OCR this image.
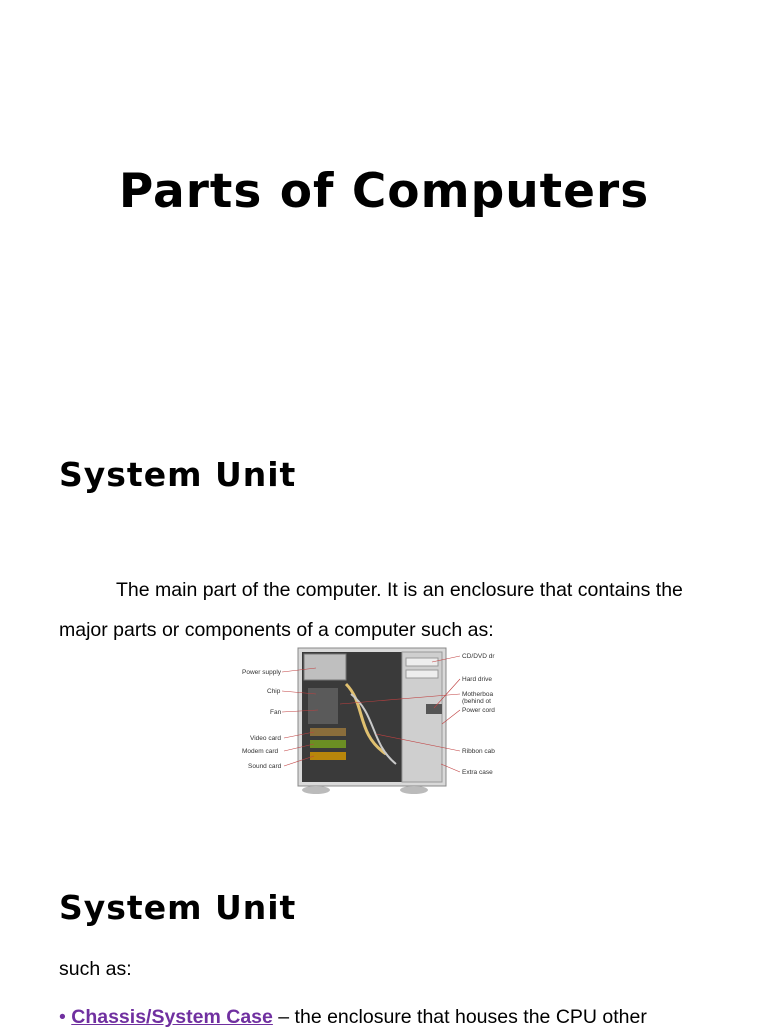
Parts of Computers
System Unit

The main part of the computer. It is an enclosure that contains the major parts or components of a computer such as:

Power supply
Chip
Fan
Video card
Modem card
Sound card
CD/DVD dr
Hard drive
Motherboa
(behind ot
Power cord
Ribbon cab
Extra case
System Unit

such as:

• Chassis/System Case – the enclosure that houses the CPU other
